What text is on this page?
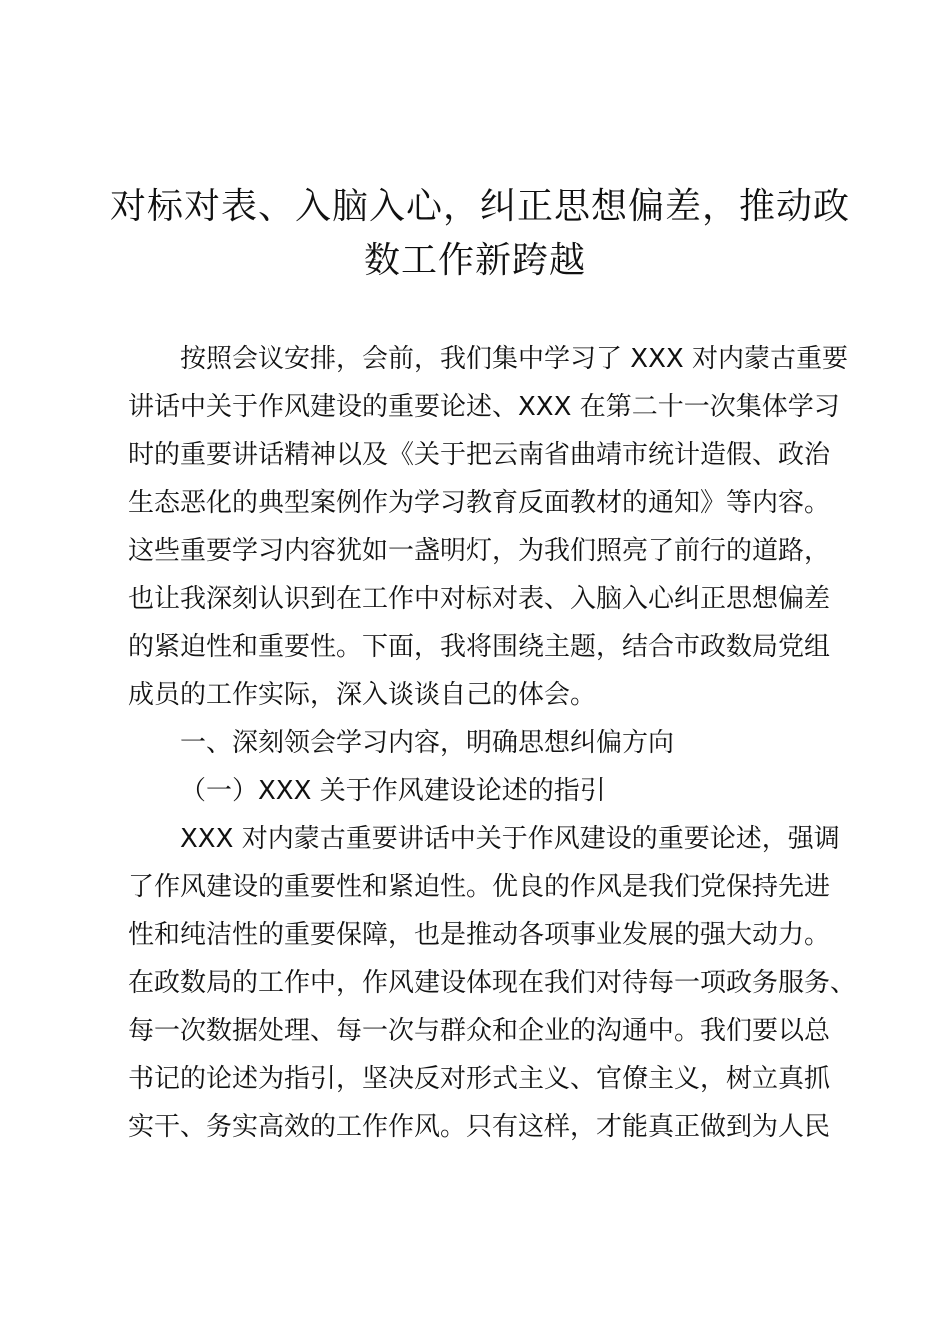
对标对表、入脑入心，纠正思想偏差，推动政
数工作新跨越

按照会议安排，会前，我们集中学习了 XXX 对内蒙古重要

讲话中关于作风建设的重要论述、XXX 在第二十一次集体学习

时的重要讲话精神以及《关于把云南省曲靖市统计造假、政治

生态恶化的典型案例作为学习教育反面教材的通知》等内容。

这些重要学习内容犹如一盏明灯，为我们照亮了前行的道路，

也让我深刻认识到在工作中对标对表、入脑入心纠正思想偏差

的紧迫性和重要性。下面，我将围绕主题，结合市政数局党组

成员的工作实际，深入谈谈自己的体会。

一、深刻领会学习内容，明确思想纠偏方向

（一）XXX 关于作风建设论述的指引

XXX 对内蒙古重要讲话中关于作风建设的重要论述，强调

了作风建设的重要性和紧迫性。优良的作风是我们党保持先进

性和纯洁性的重要保障，也是推动各项事业发展的强大动力。

在政数局的工作中，作风建设体现在我们对待每一项政务服务、

每一次数据处理、每一次与群众和企业的沟通中。我们要以总

书记的论述为指引，坚决反对形式主义、官僚主义，树立真抓

实干、务实高效的工作作风。只有这样，才能真正做到为人民
